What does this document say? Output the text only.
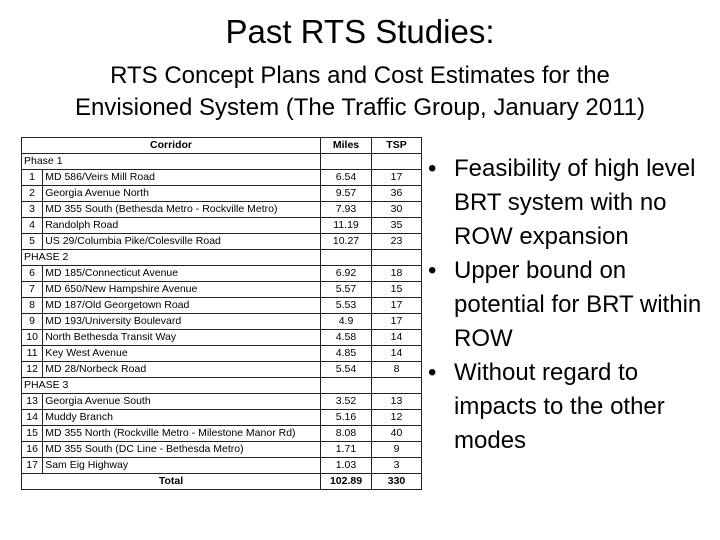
Past RTS Studies:
RTS Concept Plans and Cost Estimates for the
Envisioned System (The Traffic Group, January 2011)
Corridor		Miles	TSP
Phase 1			
1	MD 586/Veirs Mill Road	6.54	17
2	Georgia Avenue North	9.57	36
3	MD 355 South (Bethesda Metro - Rockville Metro)	7.93	30
4	Randolph Road	11.19	35
5	US 29/Columbia Pike/Colesville Road	10.27	23
PHASE 2			
6	MD 185/Connecticut Avenue	6.92	18
7	MD 650/New Hampshire Avenue	5.57	15
8	MD 187/Old Georgetown Road	5.53	17
9	MD 193/University Boulevard	4.9	17
10	North Bethesda Transit Way	4.58	14
11	Key West Avenue	4.85	14
12	MD 28/Norbeck Road	5.54	8
PHASE 3			
13	Georgia Avenue South	3.52	13
14	Muddy Branch	5.16	12
15	MD 355 North (Rockville Metro - Milestone Manor Rd)	8.08	40
16	MD 355 South (DC Line - Bethesda Metro)	1.71	9
17	Sam Eig Highway	1.03	3
Total		102.89	330
• Feasibility of high level BRT system with no ROW expansion
• Upper bound on potential for BRT within ROW
• Without regard to impacts to the other modes
